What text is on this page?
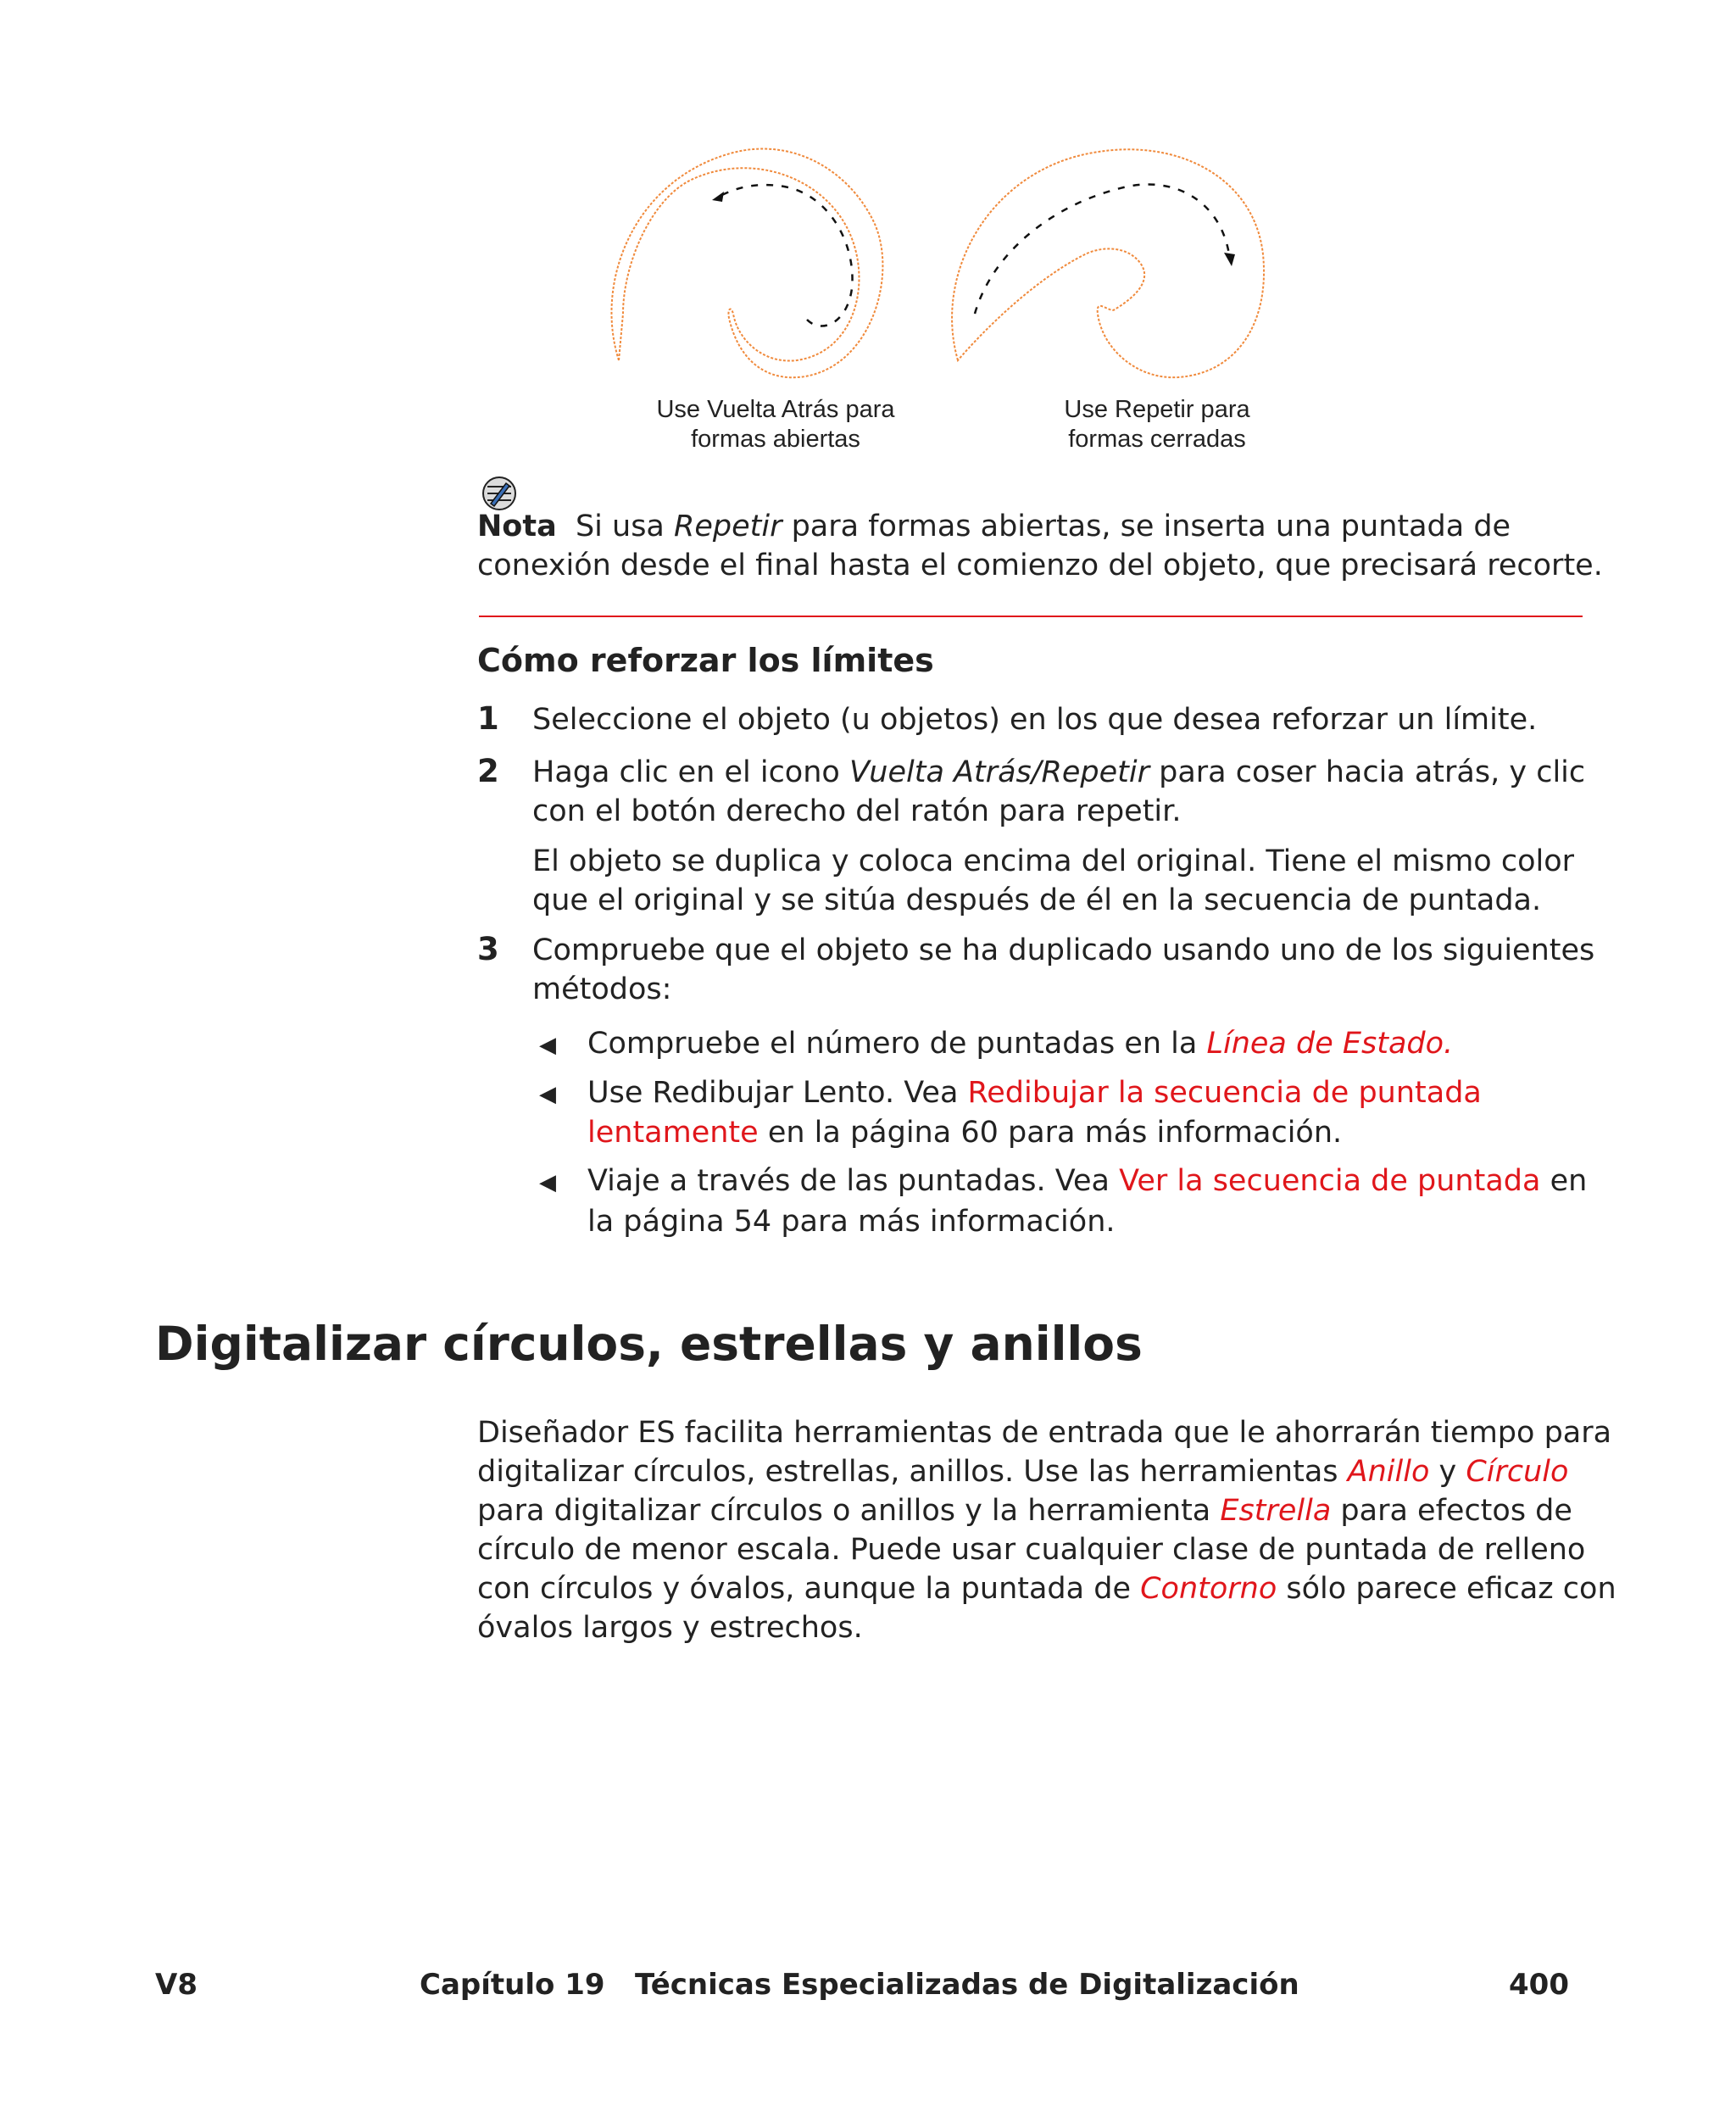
Use Vuelta Atrás para
formas abiertas
Use Repetir para
formas cerradas
Nota Si usa Repetir para formas abiertas, se inserta una puntada de
conexión desde el final hasta el comienzo del objeto, que precisará recorte.
Cómo reforzar los límites
1 Seleccione el objeto (u objetos) en los que desea reforzar un límite.
2 Haga clic en el icono Vuelta Atrás/Repetir para coser hacia atrás, y clic
con el botón derecho del ratón para repetir.
El objeto se duplica y coloca encima del original. Tiene el mismo color
que el original y se sitúa después de él en la secuencia de puntada.
3 Compruebe que el objeto se ha duplicado usando uno de los siguientes
métodos:
◀ Compruebe el número de puntadas en la Línea de Estado.
◀ Use Redibujar Lento. Vea Redibujar la secuencia de puntada
lentamente en la página 60 para más información.
◀ Viaje a través de las puntadas. Vea Ver la secuencia de puntada en
la página 54 para más información.
Digitalizar círculos, estrellas y anillos
Diseñador ES facilita herramientas de entrada que le ahorrarán tiempo para
digitalizar círculos, estrellas, anillos. Use las herramientas Anillo y Círculo
para digitalizar círculos o anillos y la herramienta Estrella para efectos de
círculo de menor escala. Puede usar cualquier clase de puntada de relleno
con círculos y óvalos, aunque la puntada de Contorno sólo parece eficaz con
óvalos largos y estrechos.
V8	Capítulo 19 Técnicas Especializadas de Digitalización	400
